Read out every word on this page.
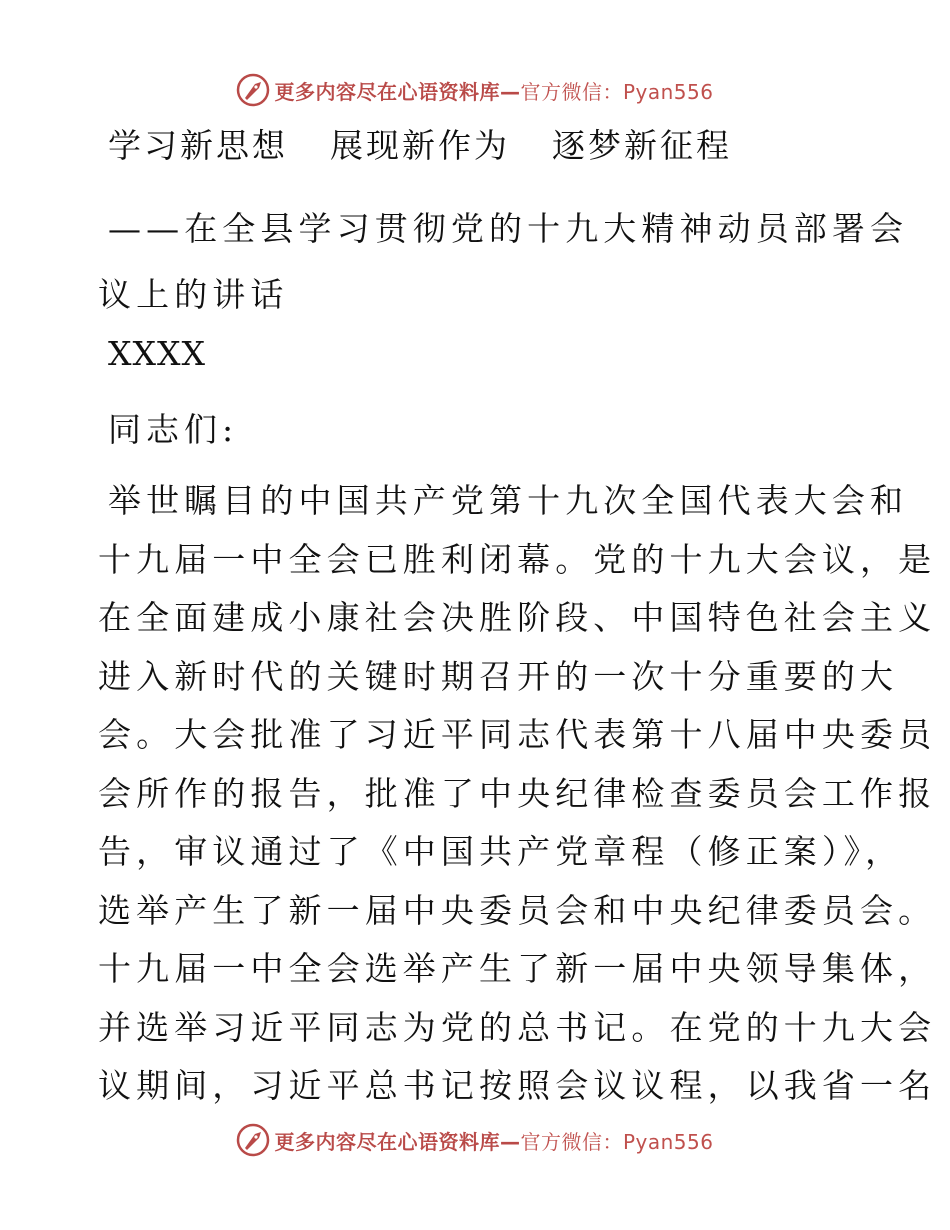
更多内容尽在心语资料库—官方微信：Pyan556
学习新思想 展现新作为 逐梦新征程
——在全县学习贯彻党的十九大精神动员部署会
议上的讲话
XXXX
同志们:

举世瞩目的中国共产党第十九次全国代表大会和

十九届一中全会已胜利闭幕。党的十九大会议，是

在全面建成小康社会决胜阶段、中国特色社会主义

进入新时代的关键时期召开的一次十分重要的大

会。大会批准了习近平同志代表第十八届中央委员

会所作的报告，批准了中央纪律检查委员会工作报

告，审议通过了《中国共产党章程（修正案）》，

选举产生了新一届中央委员会和中央纪律委员会。

十九届一中全会选举产生了新一届中央领导集体，

并选举习近平同志为党的总书记。在党的十九大会

议期间，习近平总书记按照会议议程，以我省一名

更多内容尽在心语资料库—官方微信：Pyan556
